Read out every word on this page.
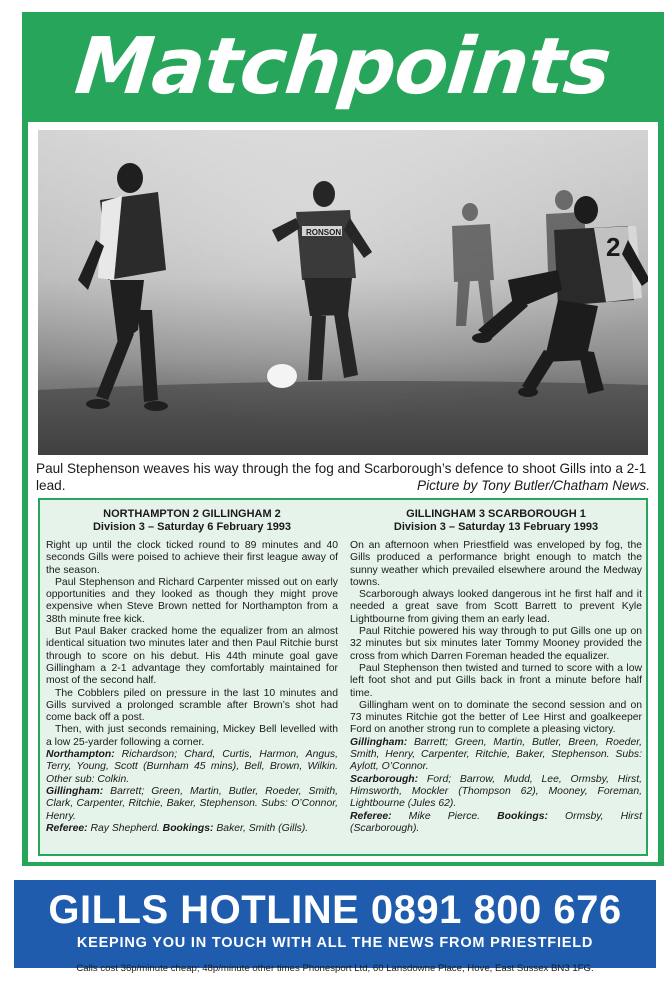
Matchpoints
RONSON	2
Paul Stephenson weaves his way through the fog and Scarborough’s defence to shoot Gills into a 2-1 lead.	Picture by Tony Butler/Chatham News.
NORTHAMPTON 2 GILLINGHAM 2
Division 3 – Saturday 6 February 1993

Right up until the clock ticked round to 89 minutes and 40 seconds Gills were poised to achieve their first league away of the season.

Paul Stephenson and Richard Carpenter missed out on early opportunities and they looked as though they might prove expensive when Steve Brown netted for Northampton from a 38th minute free kick.

But Paul Baker cracked home the equalizer from an almost identical situation two minutes later and then Paul Ritchie burst through to score on his debut. His 44th minute goal gave Gillingham a 2-1 advantage they comfortably maintained for most of the second half.

The Cobblers piled on pressure in the last 10 minutes and Gills survived a prolonged scramble after Brown’s shot had come back off a post.

Then, with just seconds remaining, Mickey Bell levelled with a low 25-yarder following a corner.

Northampton: Richardson; Chard, Curtis, Harmon, Angus, Terry, Young, Scott (Burnham 45 mins), Bell, Brown, Wilkin. Other sub: Colkin.

Gillingham: Barrett; Green, Martin, Butler, Roeder, Smith, Clark, Carpenter, Ritchie, Baker, Stephenson. Subs: O’Connor, Henry.

Referee: Ray Shepherd. Bookings: Baker, Smith (Gills).

GILLINGHAM 3 SCARBOROUGH 1
Division 3 – Saturday 13 February 1993

On an afternoon when Priestfield was enveloped by fog, the Gills produced a performance bright enough to match the sunny weather which prevailed elsewhere around the Medway towns.

Scarborough always looked dangerous int he first half and it needed a great save from Scott Barrett to prevent Kyle Lightbourne from giving them an early lead.

Paul Ritchie powered his way through to put Gills one up on 32 minutes but six minutes later Tommy Mooney provided the cross from which Darren Foreman headed the equalizer.

Paul Stephenson then twisted and turned to score with a low left foot shot and put Gills back in front a minute before half time.

Gillingham went on to dominate the second session and on 73 minutes Ritchie got the better of Lee Hirst and goalkeeper Ford on another strong run to complete a pleasing victory.

Gillingham: Barrett; Green, Martin, Butler, Breen, Roeder, Smith, Henry, Carpenter, Ritchie, Baker, Stephenson. Subs: Aylott, O’Connor.

Scarborough: Ford; Barrow, Mudd, Lee, Ormsby, Hirst, Himsworth, Mockler (Thompson 62), Mooney, Foreman, Lightbourne (Jules 62).

Referee: Mike Pierce. Bookings: Ormsby, Hirst (Scarborough).

GILLS HOTLINE 0891 800 676
KEEPING YOU IN TOUCH WITH ALL THE NEWS FROM PRIESTFIELD
Calls cost 36p/minute cheap; 48p/minute other times Phonesport Ltd, 60 Lansdowne Place, Hove, East Sussex BN3 1FG.
